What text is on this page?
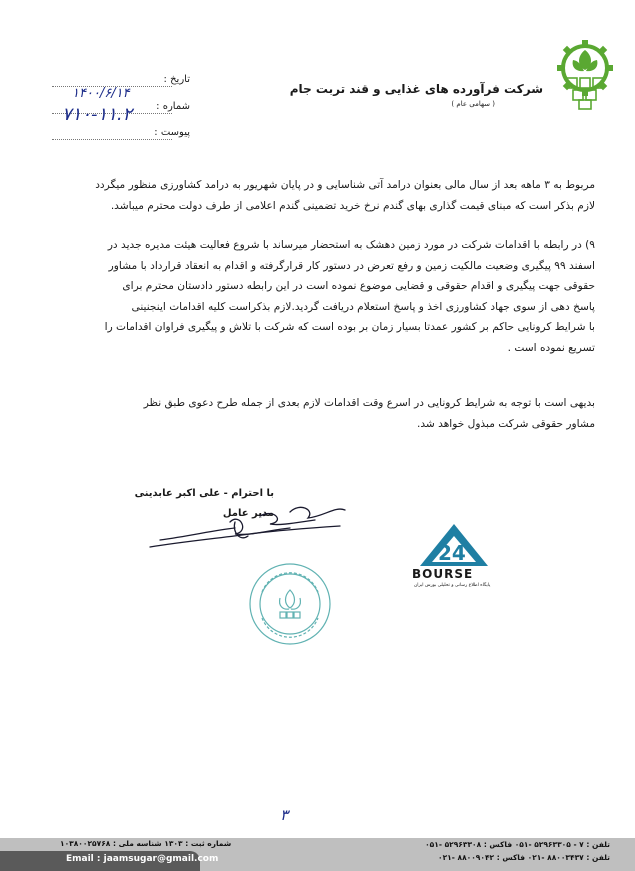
شرکت فرآورده های غذایی و قند تربت جام
( سهامی عام )
تاریخ :
۱۴۰۰/۶/۱۴
شماره :
۷۱۰-۱۱.۲
پیوست :
مربوط به ۳ ماهه بعد از سال مالی بعنوان درامد آتی شناسایی و در پایان شهریور به درامد کشاورزی منظور میگردد
لازم بذکر است که مبنای قیمت گذاری بهای گندم نرخ خرید تضمینی گندم اعلامی از طرف دولت محترم میباشد.
۹) در رابطه با اقدامات شرکت در مورد زمین دهشک به استحضار میرساند با شروع فعالیت هیئت مدیره جدید در
اسفند ۹۹ پیگیری وضعیت مالکیت زمین و رفع تعرض در دستور کار قرارگرفته و اقدام به انعقاد قرارداد با مشاور
حقوقی جهت پیگیری و اقدام حقوقی و قضایی موضوع نموده است در این رابطه دستور دادستان محترم برای
پاسخ دهی از سوی جهاد کشاورزی اخذ و پاسخ استعلام دریافت گردید.لازم بذکراست کلیه اقدامات اینجنینی
با شرایط کرونایی حاکم بر کشور عمدتا بسیار زمان بر بوده است که شرکت با تلاش و پیگیری فراوان اقدامات را
تسریع نموده است .
بدیهی است با توجه به شرایط کرونایی در اسرع وقت اقدامات لازم بعدی از جمله طرح دعوی طبق نظر
مشاور حقوقی شرکت مبذول خواهد شد.
با احترام - علی اکبر عابدینی
مدیر عامل
24
BOURSE
پایگاه اطلاع رسانی و تحلیلی بورس ایران
۳
Email : jaamsugar@gmail.com
شماره ثبت : ۱۳۰۳ شناسه ملی : ۱۰۳۸۰۰۲۵۷۶۸	تلفن : ۷ - ۵۲۹۶۳۳۰۵ -۰۵۱ فاکس : ۵۲۹۶۳۳۰۸ -۰۵۱
تلفن : ۸۸۰۰۳۴۳۷ -۰۲۱ فاکس : ۸۸۰۰۹۰۴۲ -۰۲۱
